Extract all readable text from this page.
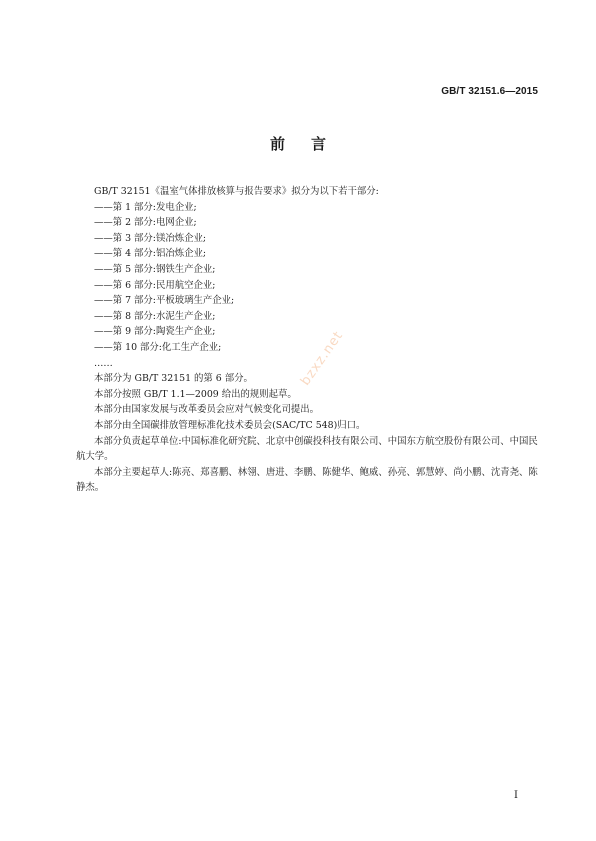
GB/T 32151.6—2015
前言
GB/T 32151《温室气体排放核算与报告要求》拟分为以下若干部分:
——第 1 部分:发电企业;
——第 2 部分:电网企业;
——第 3 部分:镁冶炼企业;
——第 4 部分:铝冶炼企业;
——第 5 部分:钢铁生产企业;
——第 6 部分:民用航空企业;
——第 7 部分:平板玻璃生产企业;
——第 8 部分:水泥生产企业;
——第 9 部分:陶瓷生产企业;
——第 10 部分:化工生产企业;
……
本部分为 GB/T 32151 的第 6 部分。
本部分按照 GB/T 1.1—2009 给出的规则起草。
本部分由国家发展与改革委员会应对气候变化司提出。
本部分由全国碳排放管理标准化技术委员会(SAC/TC 548)归口。
本部分负责起草单位:中国标准化研究院、北京中创碳投科技有限公司、中国东方航空股份有限公司、中国民航大学。
本部分主要起草人:陈亮、郑喜鹏、林翎、唐进、李鹏、陈健华、鲍威、孙亮、郭慧婷、尚小鹏、沈青尧、陈静杰。
bzxz.net
I
